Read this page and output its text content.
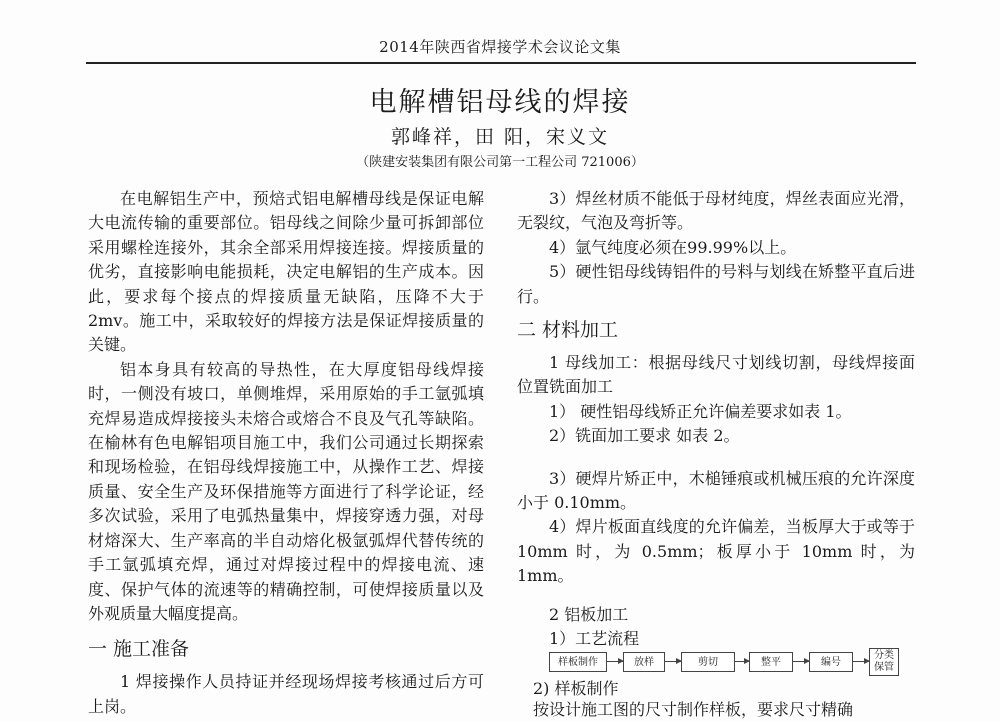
2014年陕西省焊接学术会议论文集
电解槽铝母线的焊接
郭峰祥，田 阳，宋义文
（陕建安装集团有限公司第一工程公司 721006）

在电解铝生产中，预焙式铝电解槽母线是保证电解大电流传输的重要部位。铝母线之间除少量可拆卸部位采用螺栓连接外，其余全部采用焊接连接。焊接质量的优劣，直接影响电能损耗，决定电解铝的生产成本。因此，要求每个接点的焊接质量无缺陷，压降不大于2mv。施工中，采取较好的焊接方法是保证焊接质量的关键。

铝本身具有较高的导热性，在大厚度铝母线焊接时，一侧没有坡口，单侧堆焊，采用原始的手工氩弧填充焊易造成焊接接头未熔合或熔合不良及气孔等缺陷。在榆林有色电解铝项目施工中，我们公司通过长期探索和现场检验，在铝母线焊接施工中，从操作工艺、焊接质量、安全生产及环保措施等方面进行了科学论证，经多次试验，采用了电弧热量集中，焊接穿透力强，对母材熔深大、生产率高的半自动熔化极氩弧焊代替传统的手工氩弧填充焊，通过对焊接过程中的焊接电流、速度、保护气体的流速等的精确控制，可使焊接质量以及外观质量大幅度提高。

一 施工准备

1 焊接操作人员持证并经现场焊接考核通过后方可上岗。

3）焊丝材质不能低于母材纯度，焊丝表面应光滑，无裂纹，气泡及弯折等。

4）氩气纯度必须在99.99%以上。

5）硬性铝母线铸铝件的号料与划线在矫整平直后进行。

二 材料加工

1 母线加工：根据母线尺寸划线切割，母线焊接面位置铣面加工

1） 硬性铝母线矫正允许偏差要求如表 1。

2）铣面加工要求 如表 2。

3）硬焊片矫正中，木槌锤痕或机械压痕的允许深度小于 0.10mm。

4）焊片板面直线度的允许偏差，当板厚大于或等于 10mm 时，为 0.5mm；板厚小于 10mm 时，为 1mm。

2 铝板加工

1）工艺流程

样板制作	放样	剪切	整平	编号
分类保管

2) 样板制作

按设计施工图的尺寸制作样板，要求尺寸精确
